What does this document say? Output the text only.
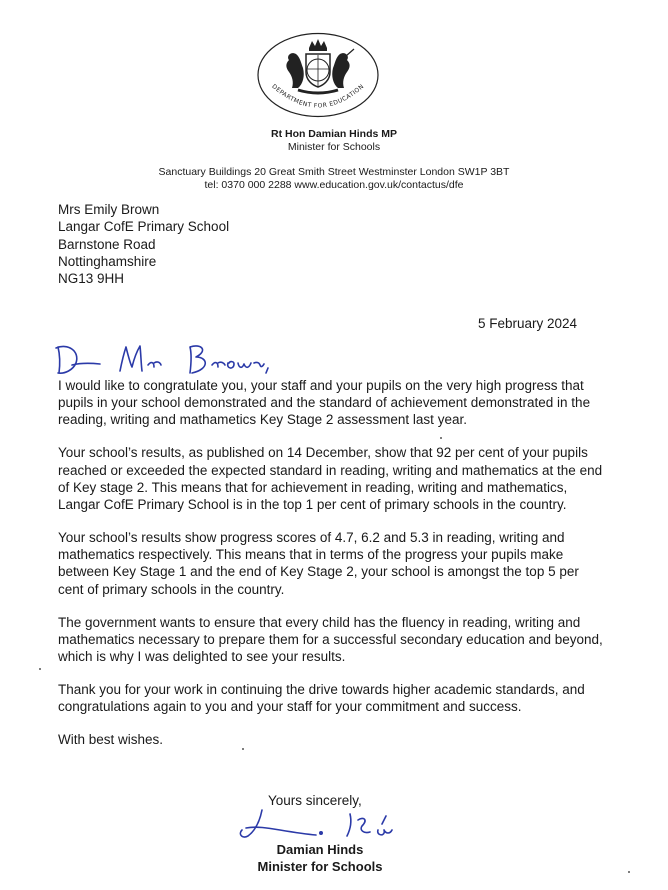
DEPARTMENT FOR EDUCATION
Rt Hon Damian Hinds MP
Minister for Schools
Sanctuary Buildings 20 Great Smith Street Westminster London SW1P 3BT
tel: 0370 000 2288 www.education.gov.uk/contactus/dfe
Mrs Emily Brown
Langar CofE Primary School
Barnstone Road
Nottinghamshire
NG13 9HH
5 February 2024

I would like to congratulate you, your staff and your pupils on the very high progress that pupils in your school demonstrated and the standard of achievement demonstrated in the reading, writing and mathametics Key Stage 2 assessment last year.

Your school’s results, as published on 14 December, show that 92 per cent of your pupils reached or exceeded the expected standard in reading, writing and mathematics at the end of Key stage 2. This means that for achievement in reading, writing and mathematics, Langar CofE Primary School is in the top 1 per cent of primary schools in the country.

Your school’s results show progress scores of 4.7, 6.2 and 5.3 in reading, writing and mathematics respectively. This means that in terms of the progress your pupils make between Key Stage 1 and the end of Key Stage 2, your school is amongst the top 5 per cent of primary schools in the country.

The government wants to ensure that every child has the fluency in reading, writing and mathematics necessary to prepare them for a successful secondary education and beyond, which is why I was delighted to see your results.

Thank you for your work in continuing the drive towards higher academic standards, and congratulations again to you and your staff for your commitment and success.

With best wishes.

Yours sincerely,
Damian Hinds
Minister for Schools
